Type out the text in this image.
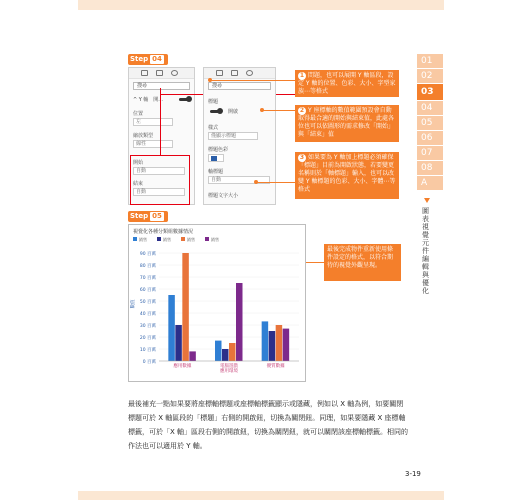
Step 04
搜尋
^ Y 軸 開...
位置
左
縮放類型
線性
開始
自動
結束
自動
搜尋
標題
開啟
樣式
僅顯示標題
標題色彩
軸標題
自動
標題文字大小
1 問題，也可以展開 Y 軸區段，設定 Y 軸的位置、色彩、大小、字型家族⋯等格式
2 Y 座標軸的數值範圍預設會自動取得最合適的開始與結束值，此處各位也可以依圖形的需求修改「開始」與「結束」值
3 如果要為 Y 軸加上標題必須確保「標題」目前為開啟狀態，若要變更名稱則於「軸標題」輸入，也可以改變 Y 軸標題的色彩、大小、字體⋯等格式
最後完成物件重新使用條件設定的格式，以符合期待的視覺外觀呈現。
Step 05
視覺化各種分類組數據情況
銷售	銷售	銷售	銷售
0 百萬
10 百萬
20 百萬
30 百萬
40 百萬
50 百萬
60 百萬
70 百萬
80 百萬
90 百萬
數值
應用數據	電腦遊戲
應用環境
優質數據
01
02
03
04
05
06
07
08
A
圖表視覺元件編輯與優化
最後補充一點如果要將座標軸標題或座標軸標籤顯示或隱藏，例如以 X 軸為例，如要關閉標題可於 X 軸區段的「標題」右側的開啟鈕，切換為關閉鈕。同理，如果要隱藏 X 座標軸標籤，可於「X 軸」區段右側的開啟鈕，切換為關閉鈕，就可以關閉該座標軸標籤。相同的作法也可以適用於 Y 軸。
3-19
